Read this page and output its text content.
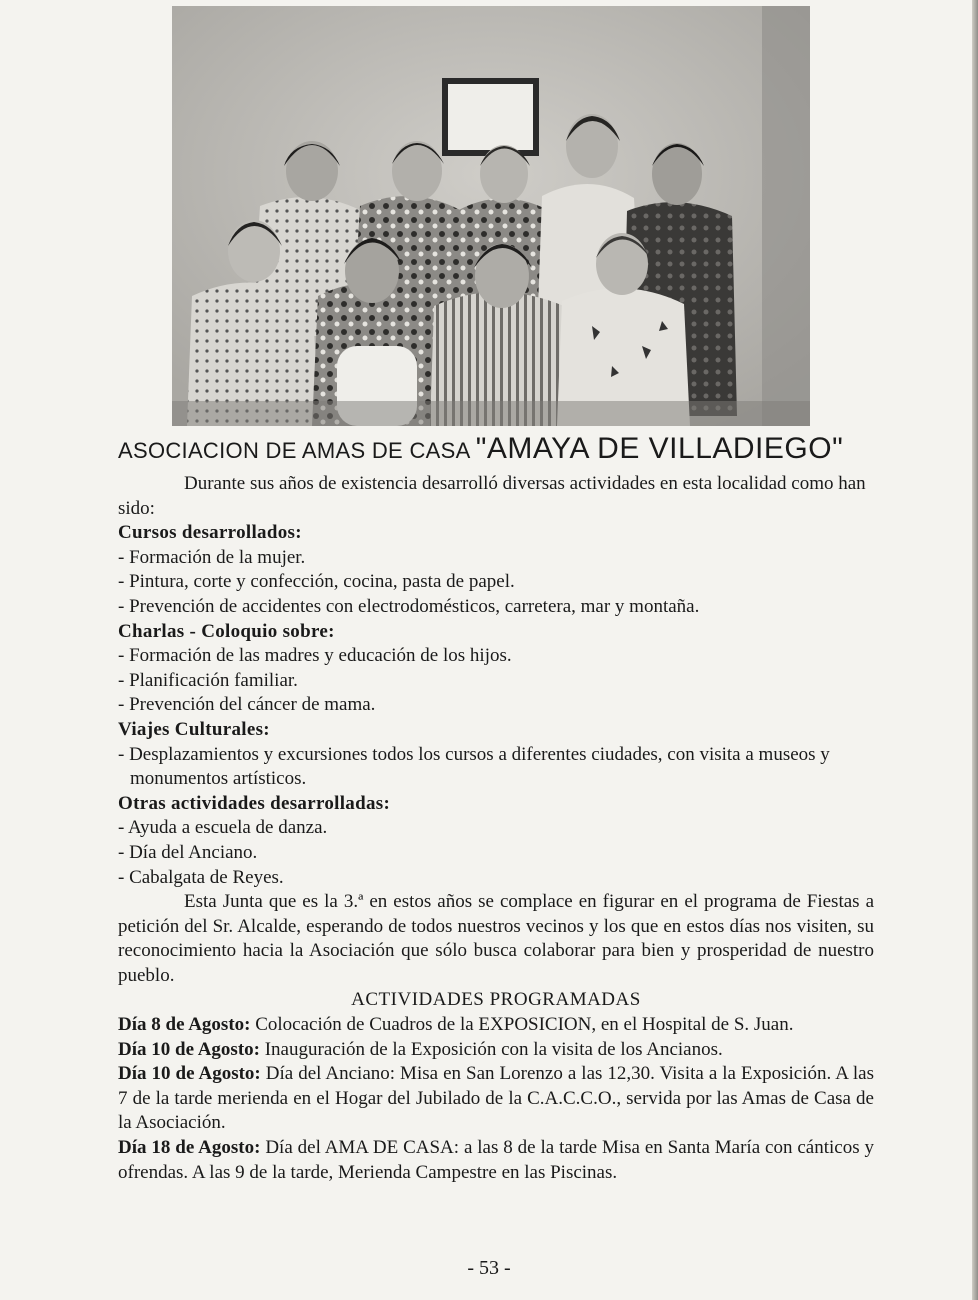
ASOCIACION DE AMAS DE CASA "AMAYA DE VILLADIEGO"

Durante sus años de existencia desarrolló diversas actividades en esta localidad como han sido:

Cursos desarrollados:

- Formación de la mujer.

- Pintura, corte y confección, cocina, pasta de papel.

- Prevención de accidentes con electrodomésticos, carretera, mar y montaña.

Charlas - Coloquio sobre:

- Formación de las madres y educación de los hijos.

- Planificación familiar.

- Prevención del cáncer de mama.

Viajes Culturales:

- Desplazamientos y excursiones todos los cursos a diferentes ciudades, con visita a museos y monumentos artísticos.

Otras actividades desarrolladas:

- Ayuda a escuela de danza.

- Día del Anciano.

- Cabalgata de Reyes.

Esta Junta que es la 3.ª en estos años se complace en figurar en el programa de Fiestas a petición del Sr. Alcalde, esperando de todos nuestros vecinos y los que en estos días nos visiten, su reconocimiento hacia la Asociación que sólo busca colaborar para bien y prosperidad de nuestro pueblo.

ACTIVIDADES PROGRAMADAS

Día 8 de Agosto: Colocación de Cuadros de la EXPOSICION, en el Hospital de S. Juan.

Día 10 de Agosto: Inauguración de la Exposición con la visita de los Ancianos.

Día 10 de Agosto: Día del Anciano: Misa en San Lorenzo a las 12,30. Visita a la Exposición. A las 7 de la tarde merienda en el Hogar del Jubilado de la C.A.C.C.O., servida por las Amas de Casa de la Asociación.

Día 18 de Agosto: Día del AMA DE CASA: a las 8 de la tarde Misa en Santa María con cánticos y ofrendas. A las 9 de la tarde, Merienda Campestre en las Piscinas.

- 53 -
